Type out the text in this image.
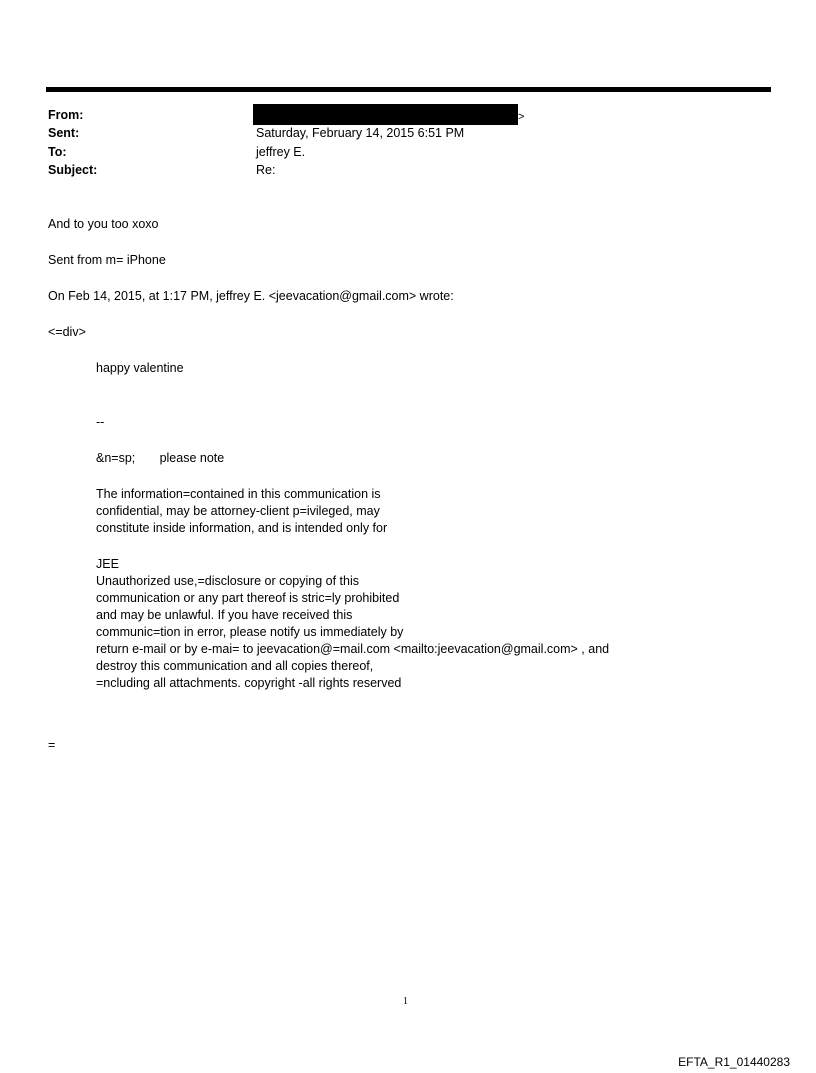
From:	>
Sent:	Saturday, February 14, 2015 6:51 PM
To:	jeffrey E.
Subject:	Re:
And to you too xoxo
Sent from m= iPhone
On Feb 14, 2015, at 1:17 PM, jeffrey E. <jeevacation@gmail.com> wrote:
<=div>
happy valentine
--
&n=sp;       please note
The information=contained in this communication is
confidential, may be attorney-client p=ivileged, may
constitute inside information, and is intended only for
JEE
Unauthorized use,=disclosure or copying of this
communication or any part thereof is stric=ly prohibited
and may be unlawful. If you have received this
communic=tion in error, please notify us immediately by
return e-mail or by e-mai= to jeevacation@=mail.com <mailto:jeevacation@gmail.com> , and
destroy this communication and all copies thereof,
=ncluding all attachments. copyright -all rights reserved
=
1
EFTA_R1_01440283
